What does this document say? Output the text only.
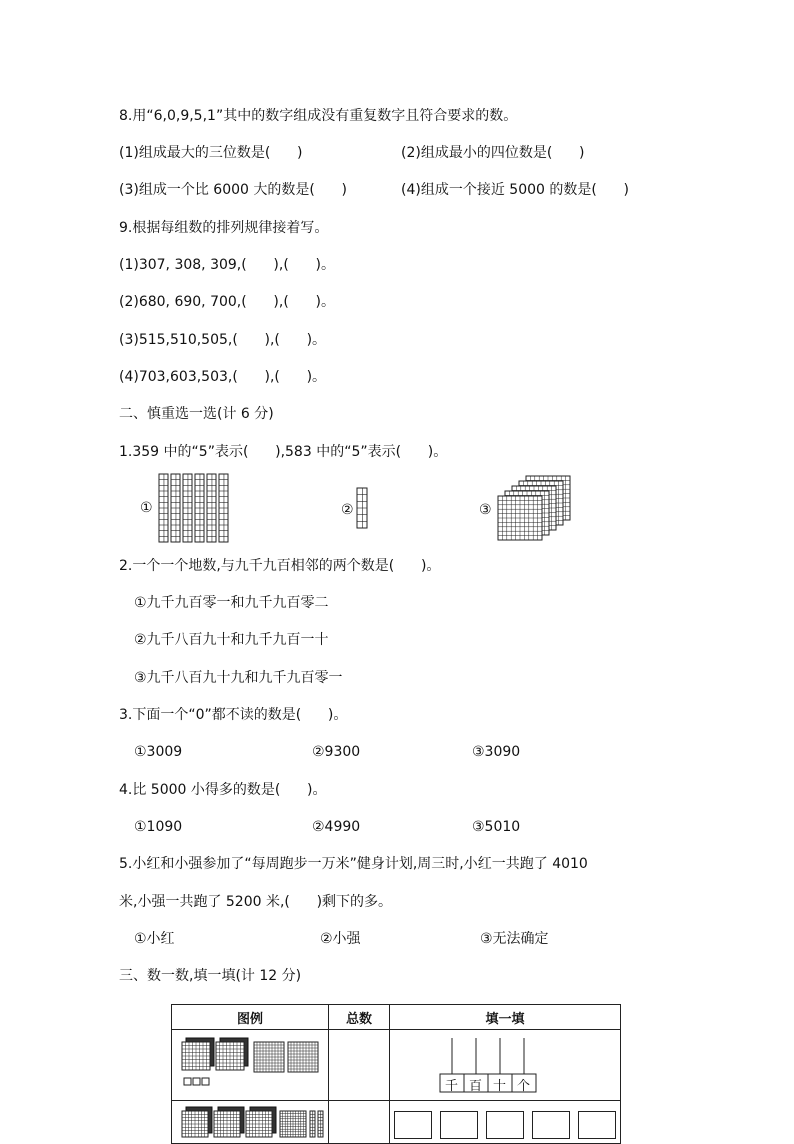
8.用“6,0,9,5,1”其中的数字组成没有重复数字且符合要求的数。
(1)组成最大的三位数是(      )	(2)组成最小的四位数是(      )
(3)组成一个比 6000 大的数是(      )	(4)组成一个接近 5000 的数是(      )
9.根据每组数的排列规律接着写。
(1)307, 308, 309,(      ),(      )。
(2)680, 690, 700,(      ),(      )。
(3)515,510,505,(      ),(      )。
(4)703,603,503,(      ),(      )。
二、慎重选一选(计 6 分)
1.359 中的“5”表示(      ),583 中的“5”表示(      )。
①	②	③
2.一个一个地数,与九千九百相邻的两个数是(      )。
①九千九百零一和九千九百零二
②九千八百九十和九千九百一十
③九千八百九十九和九千九百零一
3.下面一个“0”都不读的数是(      )。
①3009	②9300	③3090
4.比 5000 小得多的数是(      )。
①1090	②4990	③5010
5.小红和小强参加了“每周跑步一万米”健身计划,周三时,小红一共跑了 4010
米,小强一共跑了 5200 米,(      )剩下的多。
①小红	②小强	③无法确定
三、数一数,填一填(计 12 分)
图例	总数	填一填

千 百 十 个
